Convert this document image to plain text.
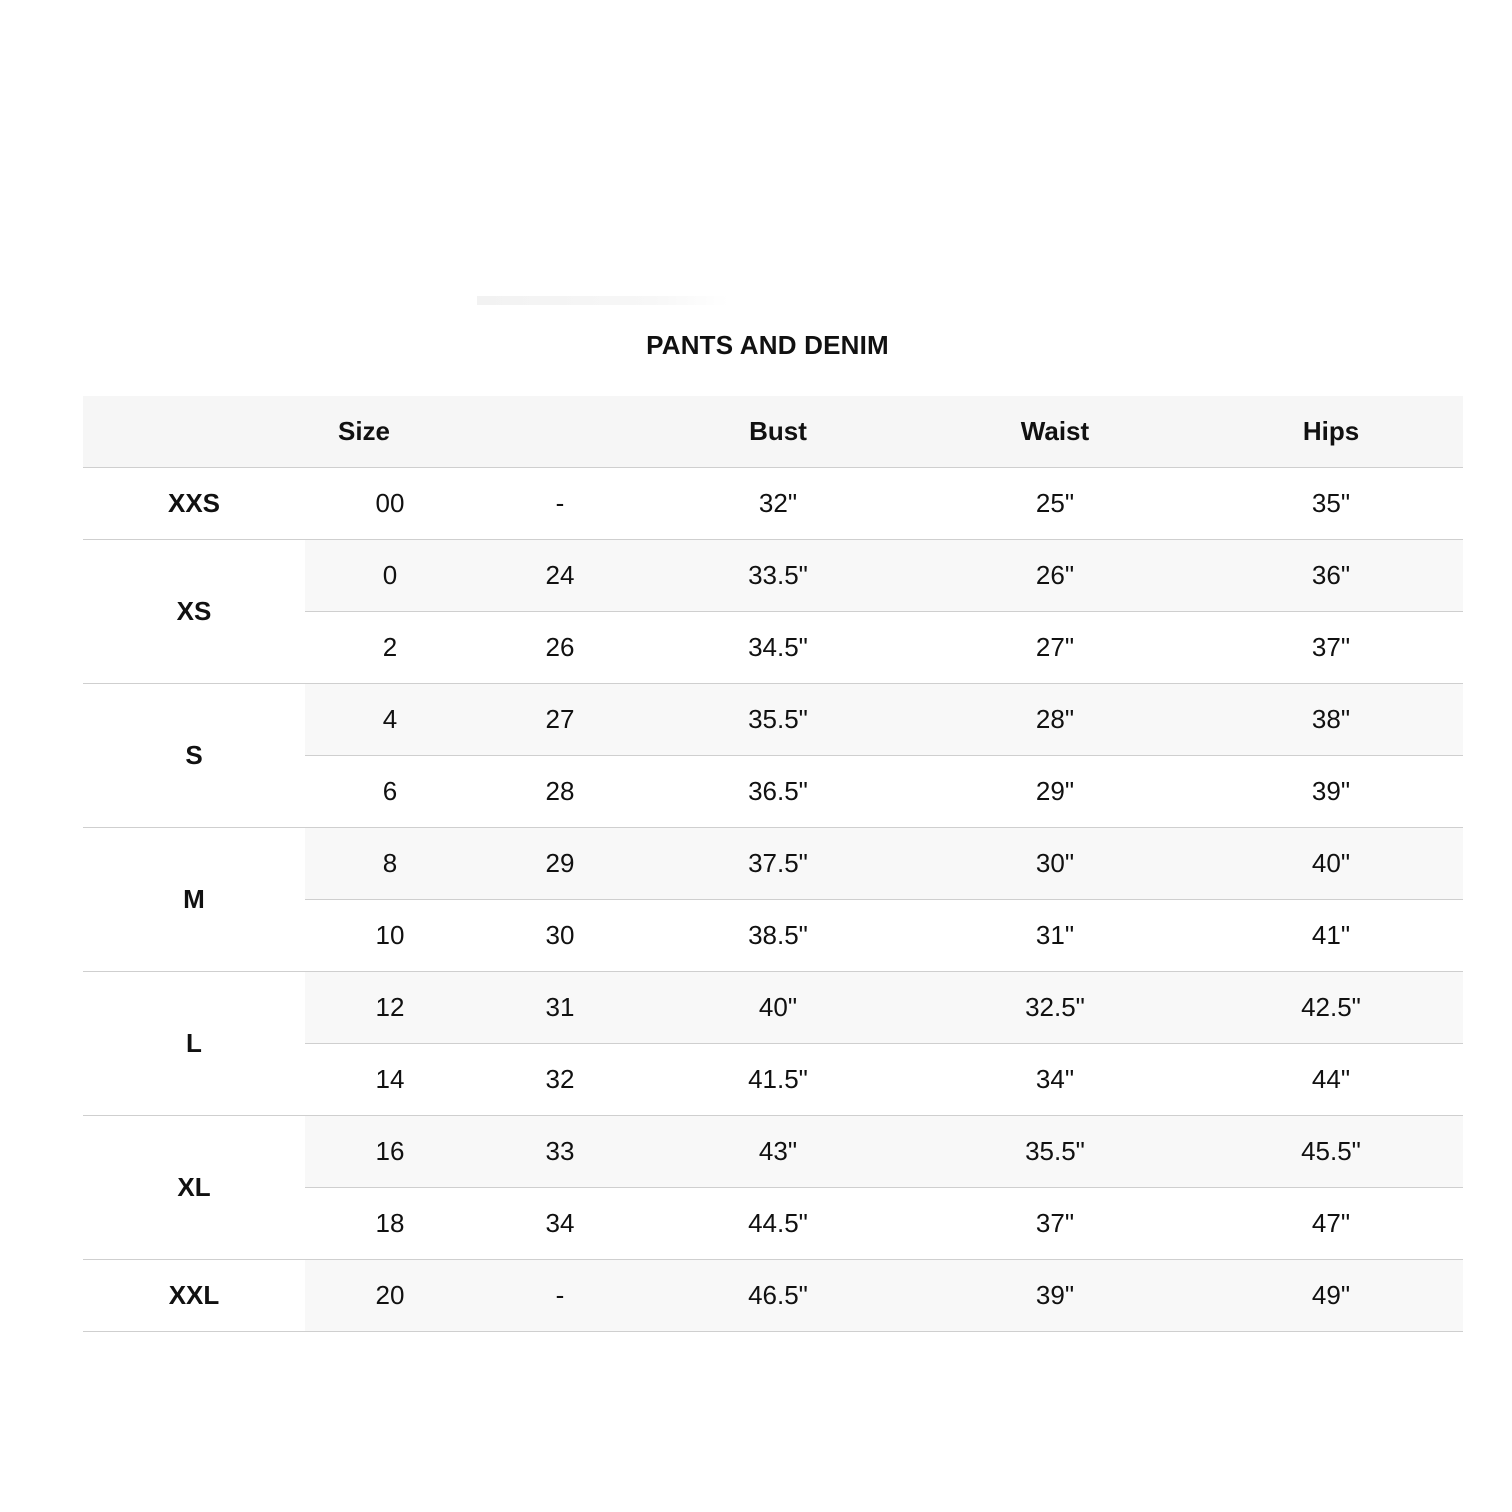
PANTS AND DENIM
Size			Bust	Waist	Hips
XXS	00	-	32"	25"	35"
XS	0	24	33.5"	26"	36"
	2	26	34.5"	27"	37"
S	4	27	35.5"	28"	38"
	6	28	36.5"	29"	39"
M	8	29	37.5"	30"	40"
	10	30	38.5"	31"	41"
L	12	31	40"	32.5"	42.5"
	14	32	41.5"	34"	44"
XL	16	33	43"	35.5"	45.5"
	18	34	44.5"	37"	47"
XXL	20	-	46.5"	39"	49"
